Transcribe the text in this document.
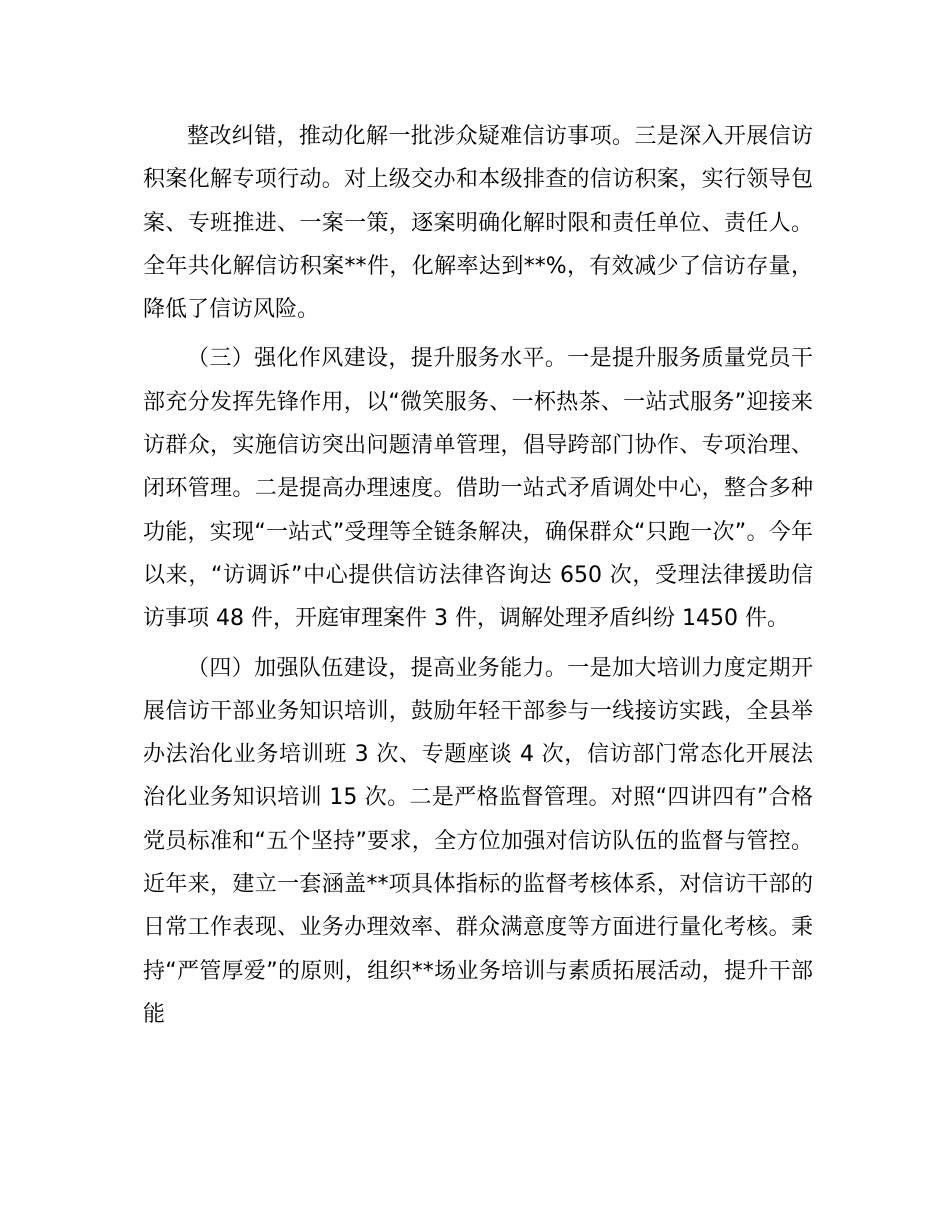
整改纠错，推动化解一批涉众疑难信访事项。三是深入开展信访积案化解专项行动。对上级交办和本级排查的信访积案，实行领导包案、专班推进、一案一策，逐案明确化解时限和责任单位、责任人。全年共化解信访积案**件，化解率达到**%，有效减少了信访存量，降低了信访风险。

（三）强化作风建设，提升服务水平。一是提升服务质量党员干部充分发挥先锋作用，以“微笑服务、一杯热茶、一站式服务”迎接来访群众，实施信访突出问题清单管理，倡导跨部门协作、专项治理、闭环管理。二是提高办理速度。借助一站式矛盾调处中心，整合多种功能，实现“一站式”受理等全链条解决，确保群众“只跑一次”。今年以来，“访调诉”中心提供信访法律咨询达 650 次，受理法律援助信访事项 48 件，开庭审理案件 3 件，调解处理矛盾纠纷 1450 件。

（四）加强队伍建设，提高业务能力。一是加大培训力度定期开展信访干部业务知识培训，鼓励年轻干部参与一线接访实践，全县举办法治化业务培训班 3 次、专题座谈 4 次，信访部门常态化开展法治化业务知识培训 15 次。二是严格监督管理。对照“四讲四有”合格党员标准和“五个坚持”要求，全方位加强对信访队伍的监督与管控。近年来，建立一套涵盖**项具体指标的监督考核体系，对信访干部的日常工作表现、业务办理效率、群众满意度等方面进行量化考核。秉持“严管厚爱”的原则，组织**场业务培训与素质拓展活动，提升干部能
